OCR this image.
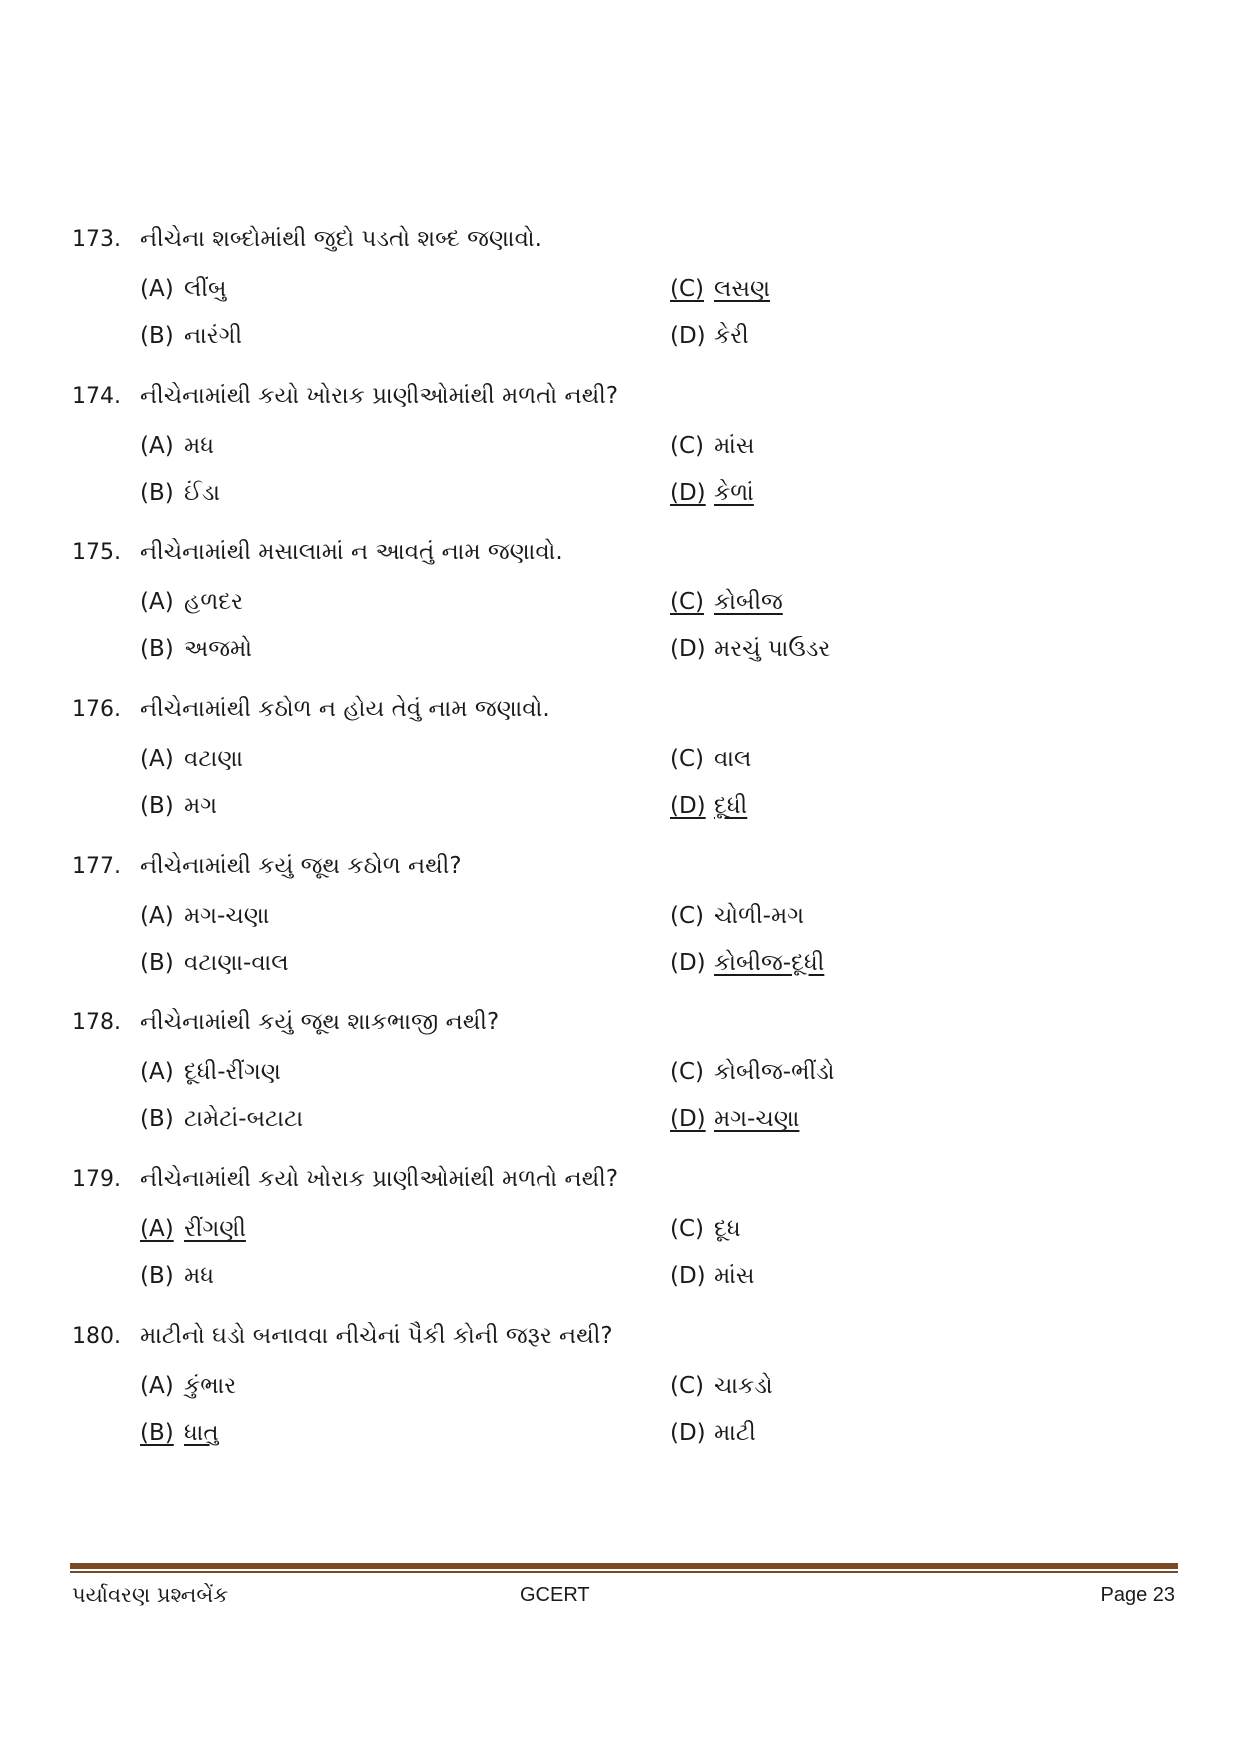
173. નીચેના શબ્દોમાંથી જુદો પડતો શબ્દ જણાવો.
(A) લીંબુ
(B) નારંગી
(C) લસણ
(D) કેરી
174. નીચેનામાંથી કયો ખોરાક પ્રાણીઓમાંથી મળતો નથી?
(A) મધ
(B) ઈંડા
(C) માંસ
(D) કેળાં
175. નીચેનામાંથી મસાલામાં ન આવતું નામ જણાવો.
(A) હળદર
(B) અજમો
(C) કોબીજ
(D) મરચું પાઉડર
176. નીચેનામાંથી કઠોળ ન હોય તેવું નામ જણાવો.
(A) વટાણા
(B) મગ
(C) વાલ
(D) દૂધી
177. નીચેનામાંથી કયું જૂથ કઠોળ નથી?
(A) મગ-ચણા
(B) વટાણા-વાલ
(C) ચોળી-મગ
(D) કોબીજ-દૂધી
178. નીચેનામાંથી કયું જૂથ શાકભાજી નથી?
(A) દૂધી-રીંગણ
(B) ટામેટાં-બટાટા
(C) કોબીજ-ભીંડો
(D) મગ-ચણા
179. નીચેનામાંથી કયો ખોરાક પ્રાણીઓમાંથી મળતો નથી?
(A) રીંગણી
(B) મધ
(C) દૂધ
(D) માંસ
180. માટીનો ઘડો બનાવવા નીચેનાં પૈકી કોની જરૂર નથી?
(A) કુંભાર
(B) ધાતુ
(C) ચાકડો
(D) માટી
પર્યાવરણ પ્રશ્નબેંક	GCERT	Page 23
